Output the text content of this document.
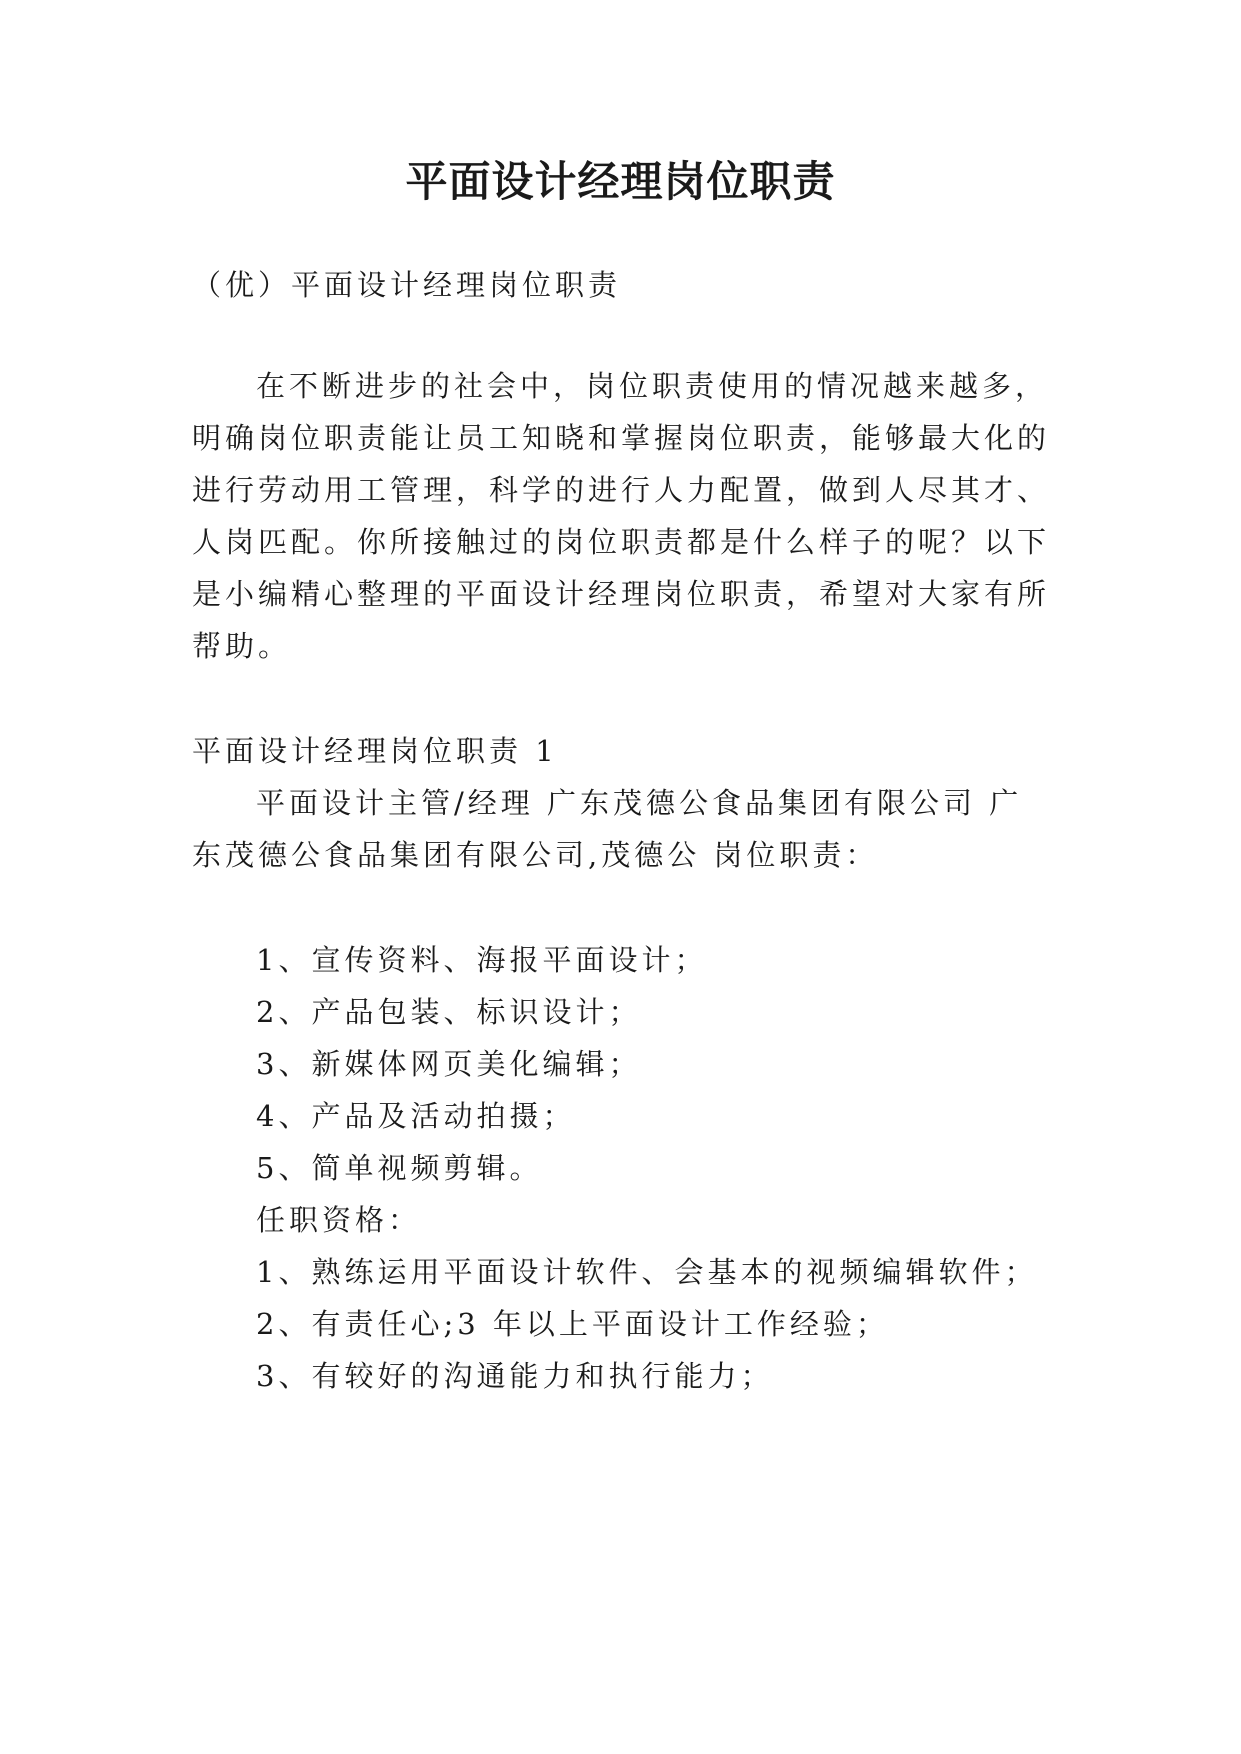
平面设计经理岗位职责
（优）平面设计经理岗位职责
在不断进步的社会中，岗位职责使用的情况越来越多，
明确岗位职责能让员工知晓和掌握岗位职责，能够最大化的
进行劳动用工管理，科学的进行人力配置，做到人尽其才、
人岗匹配。你所接触过的岗位职责都是什么样子的呢？以下
是小编精心整理的平面设计经理岗位职责，希望对大家有所
帮助。
平面设计经理岗位职责 1
平面设计主管/经理 广东茂德公食品集团有限公司 广
东茂德公食品集团有限公司,茂德公 岗位职责：
1、宣传资料、海报平面设计；
2、产品包装、标识设计；
3、新媒体网页美化编辑；
4、产品及活动拍摄；
5、简单视频剪辑。
任职资格：
1、熟练运用平面设计软件、会基本的视频编辑软件；
2、有责任心;3 年以上平面设计工作经验；
3、有较好的沟通能力和执行能力；
